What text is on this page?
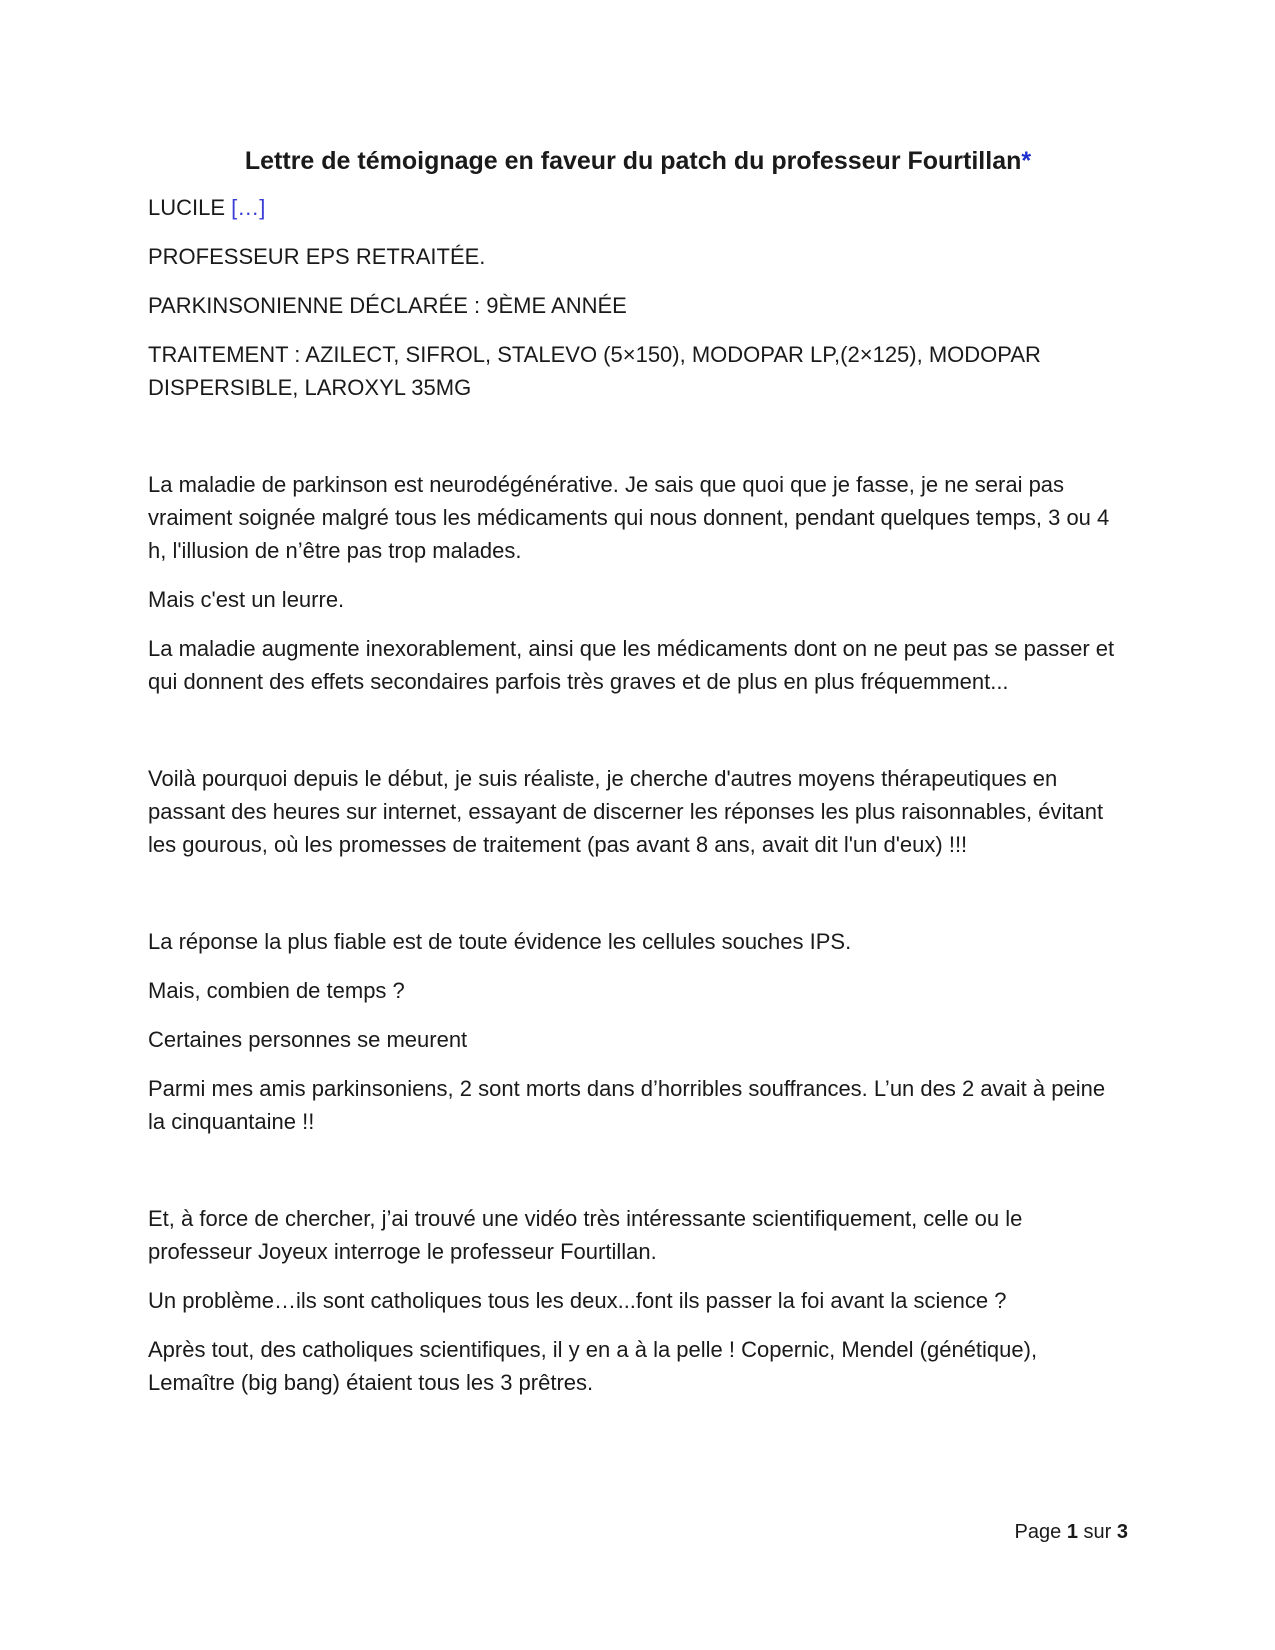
Lettre de témoignage en faveur du patch du professeur Fourtillan*

LUCILE […]

PROFESSEUR EPS RETRAITÉE.

PARKINSONIENNE DÉCLARÉE : 9ÈME ANNÉE

TRAITEMENT : AZILECT, SIFROL, STALEVO (5×150), MODOPAR LP,(2×125), MODOPAR DISPERSIBLE, LAROXYL 35MG

La maladie de parkinson est neurodégénérative. Je sais que quoi que je fasse, je ne serai pas vraiment soignée malgré tous les médicaments qui nous donnent, pendant quelques temps, 3 ou 4 h, l'illusion de n’être pas trop malades.

Mais c'est un leurre.

La maladie augmente inexorablement, ainsi que les médicaments dont on ne peut pas se passer et qui donnent des effets secondaires parfois très graves et de plus en plus fréquemment...

Voilà pourquoi depuis le début, je suis réaliste, je cherche d'autres moyens thérapeutiques en passant des heures sur internet, essayant de discerner les réponses les plus raisonnables, évitant les gourous, où les promesses de traitement (pas avant 8 ans, avait dit l'un d'eux) !!!

La réponse la plus fiable est de toute évidence les cellules souches IPS.

Mais, combien de temps ?

Certaines personnes se meurent

Parmi mes amis parkinsoniens, 2 sont morts dans d’horribles souffrances. L’un des 2 avait à peine la cinquantaine !!

Et, à force de chercher, j’ai trouvé une vidéo très intéressante scientifiquement, celle ou le professeur Joyeux interroge le professeur Fourtillan.

Un problème…ils sont catholiques tous les deux...font ils passer la foi avant la science ?

Après tout, des catholiques scientifiques, il y en a à la pelle ! Copernic, Mendel (génétique), Lemaître (big bang) étaient tous les 3 prêtres.

Page 1 sur 3
